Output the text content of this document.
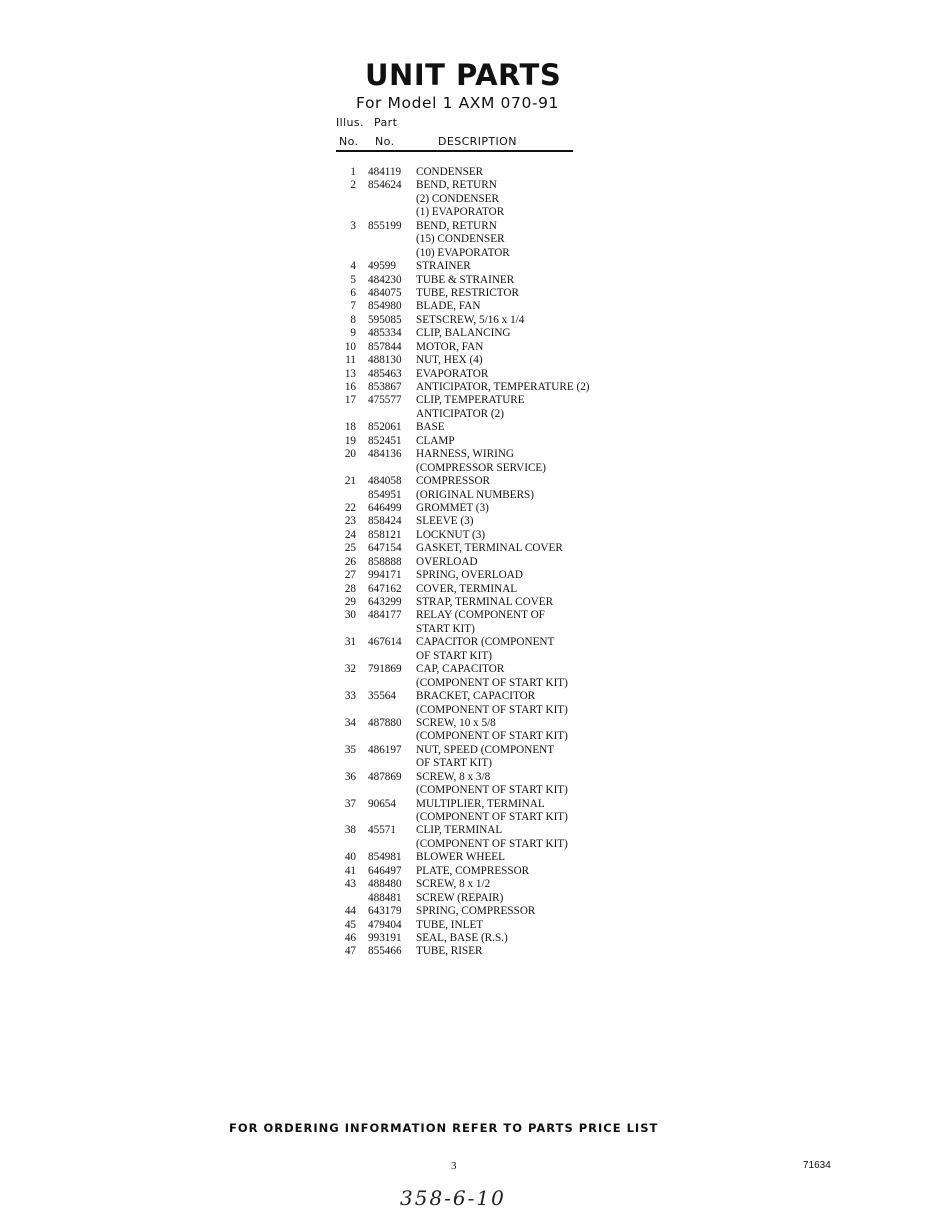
UNIT PARTS
For Model 1 AXM 070-91
Illus. Part
No. No.	DESCRIPTION
1 484119 CONDENSER
2 854624 BEND, RETURN
(2) CONDENSER
(1) EVAPORATOR
3 855199 BEND, RETURN
(15) CONDENSER
(10) EVAPORATOR
4 49599 STRAINER
5 484230 TUBE & STRAINER
6 484075 TUBE, RESTRICTOR
7 854980 BLADE, FAN
8 595085 SETSCREW, 5/16 x 1/4
9 485334 CLIP, BALANCING
10 857844 MOTOR, FAN
11 488130 NUT, HEX (4)
13 485463 EVAPORATOR
16 853867 ANTICIPATOR, TEMPERATURE (2)
17 475577 CLIP, TEMPERATURE
ANTICIPATOR (2)
18 852061 BASE
19 852451 CLAMP
20 484136 HARNESS, WIRING
(COMPRESSOR SERVICE)
21 484058 COMPRESSOR
854951 (ORIGINAL NUMBERS)
22 646499 GROMMET (3)
23 858424 SLEEVE (3)
24 858121 LOCKNUT (3)
25 647154 GASKET, TERMINAL COVER
26 858888 OVERLOAD
27 994171 SPRING, OVERLOAD
28 647162 COVER, TERMINAL
29 643299 STRAP, TERMINAL COVER
30 484177 RELAY (COMPONENT OF
START KIT)
31 467614 CAPACITOR (COMPONENT
OF START KIT)
32 791869 CAP, CAPACITOR
(COMPONENT OF START KIT)
33 35564 BRACKET, CAPACITOR
(COMPONENT OF START KIT)
34 487880 SCREW, 10 x 5/8
(COMPONENT OF START KIT)
35 486197 NUT, SPEED (COMPONENT
OF START KIT)
36 487869 SCREW, 8 x 3/8
(COMPONENT OF START KIT)
37 90654 MULTIPLIER, TERMINAL
(COMPONENT OF START KIT)
38 45571 CLIP, TERMINAL
(COMPONENT OF START KIT)
40 854981 BLOWER WHEEL
41 646497 PLATE, COMPRESSOR
43 488480 SCREW, 8 x 1/2
488481 SCREW (REPAIR)
44 643179 SPRING, COMPRESSOR
45 479404 TUBE, INLET
46 993191 SEAL, BASE (R.S.)
47 855466 TUBE, RISER
FOR ORDERING INFORMATION REFER TO PARTS PRICE LIST
3	71634
358-6-10
